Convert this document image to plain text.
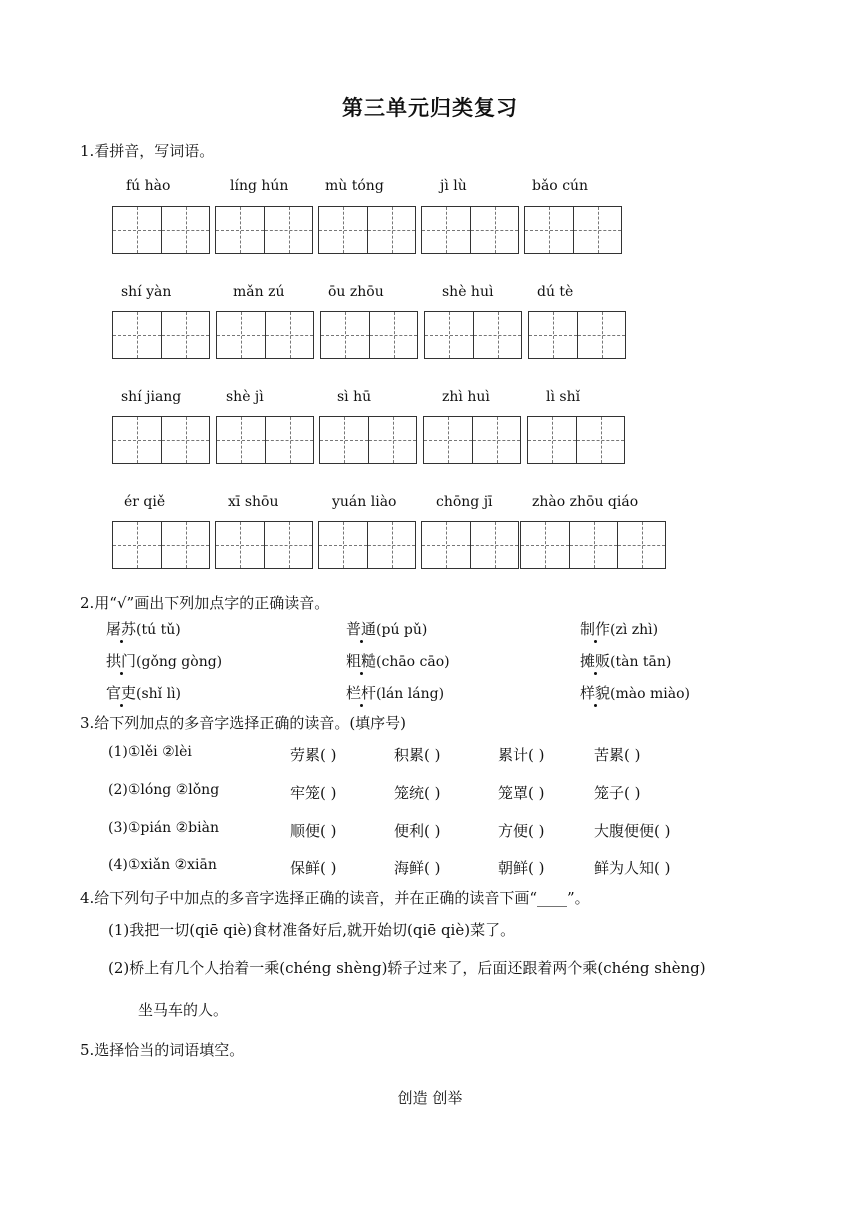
第三单元归类复习
1.看拼音，写词语。
fú hào	líng hún	mù tóng	jì lù	bǎo cún
shí yàn	mǎn zú	ōu zhōu	shè huì	dú tè
shí jiang	shè jì	sì hū	zhì huì	lì shǐ
ér qiě	xī shōu	yuán liào	chōng jī	zhào zhōu qiáo
2.用“√”画出下列加点字的正确读音。
屠苏(tú tǔ)	普通(pú pǔ)	制作(zì zhì)
拱门(gǒng gòng)	粗糙(chāo cāo)	摊贩(tàn tān)
官吏(shǐ lì)	栏杆(lán láng)	样貌(mào miào)
3.给下列加点的多音字选择正确的读音。(填序号)
(1)①lěi ②lèi	劳累( )	积累( )	累计( )	苦累( )
(2)①lóng ②lǒng	牢笼( )	笼统( )	笼罩( )	笼子( )
(3)①pián ②biàn	顺便( )	便利( )	方便( )	大腹便便( )
(4)①xiǎn ②xiān	保鲜( )	海鲜( )	朝鲜( )	鲜为人知( )
4.给下列句子中加点的多音字选择正确的读音，并在正确的读音下画“____”。
(1)我把一切(qiē qiè)食材准备好后,就开始切(qiē qiè)菜了。
(2)桥上有几个人抬着一乘(chéng shèng)轿子过来了，后面还跟着两个乘(chéng shèng)
坐马车的人。
5.选择恰当的词语填空。
创造 创举
